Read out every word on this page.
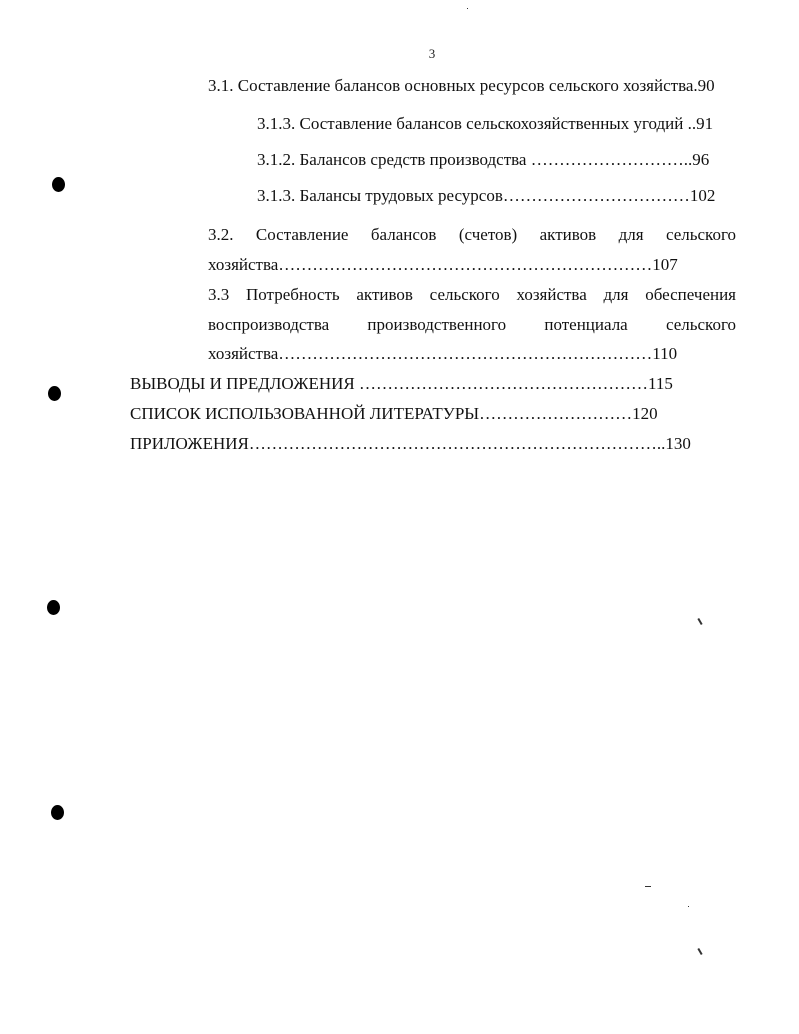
3
3.1. Составление балансов основных ресурсов сельского хозяйства.90
3.1.3. Составление балансов сельскохозяйственных угодий ..91
3.1.2. Балансов средств производства ………………………..96
3.1.3. Балансы трудовых ресурсов……………………………102
3.2. Составление балансов (счетов) активов для сельского
хозяйства…………………………………………………………107
3.3 Потребность активов сельского хозяйства для обеспечения
воспроизводства производственного потенциала сельского
хозяйства…………………………………………………………110
ВЫВОДЫ И ПРЕДЛОЖЕНИЯ ……………………………………………115
СПИСОК ИСПОЛЬЗОВАННОЙ ЛИТЕРАТУРЫ………………………120
ПРИЛОЖЕНИЯ………………………………………………………………..130
